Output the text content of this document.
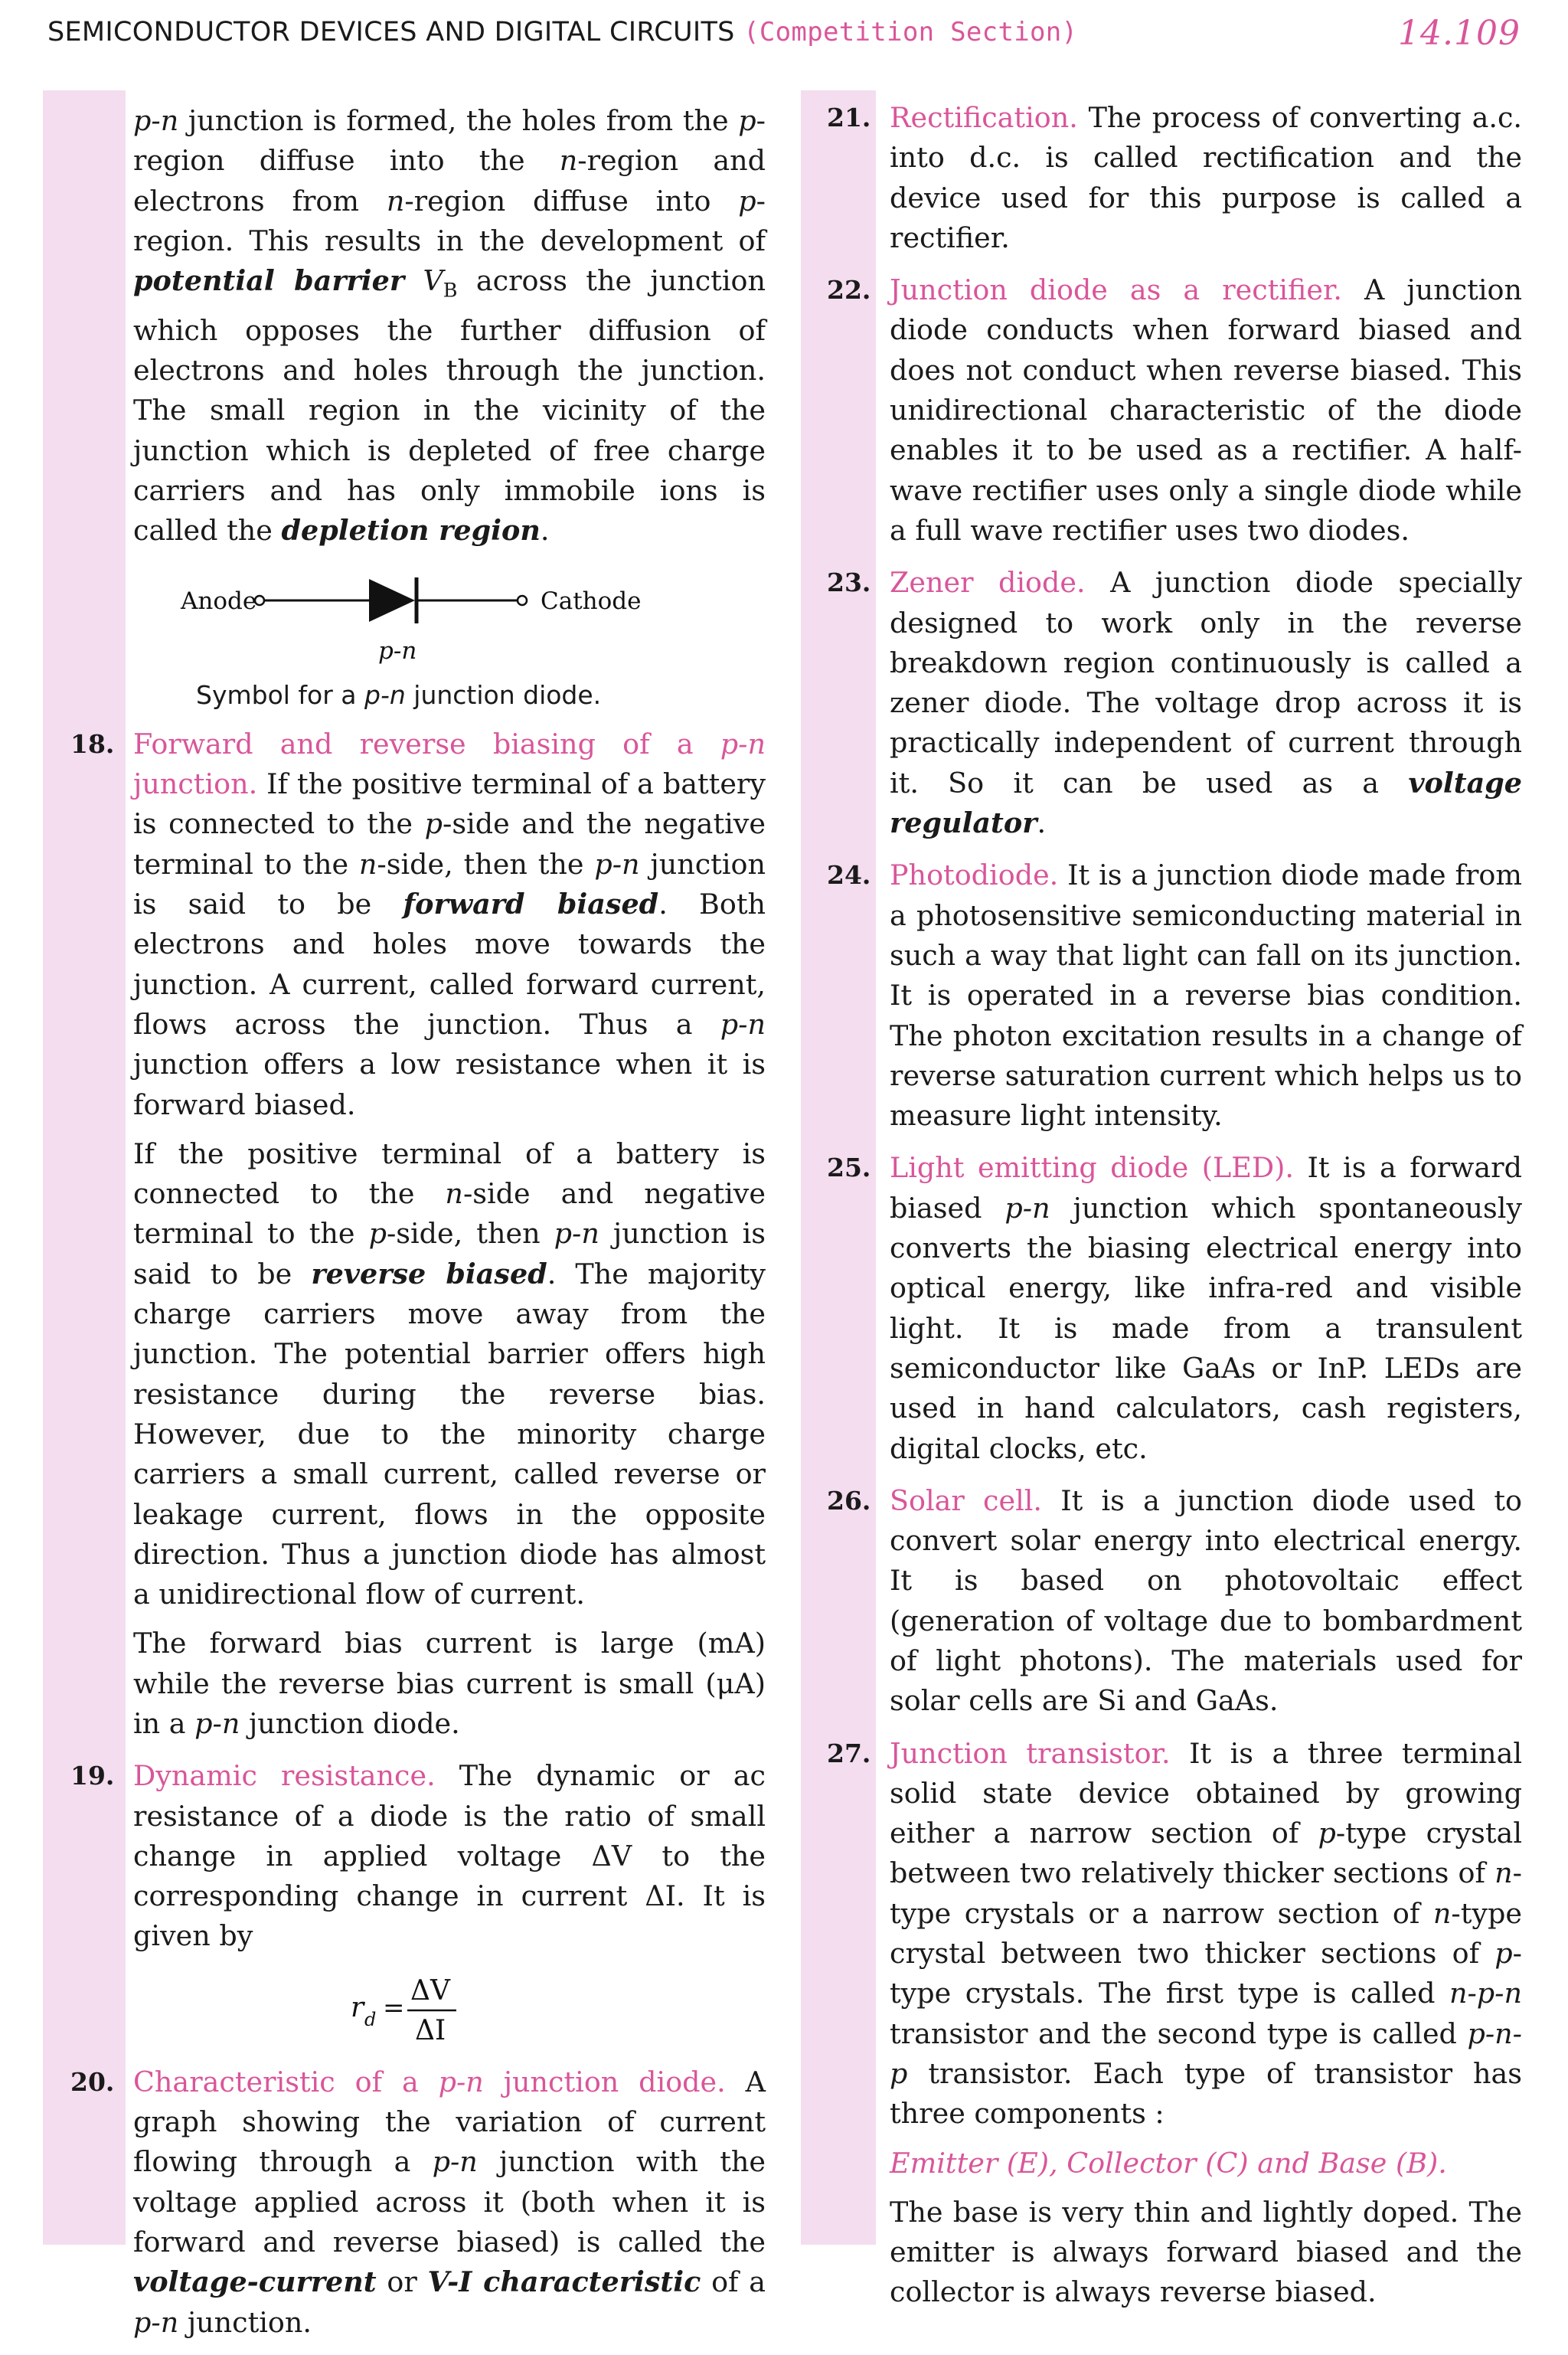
SEMICONDUCTOR DEVICES AND DIGITAL CIRCUITS (Competition Section)	14.109

p-n junction is formed, the holes from the p-region diffuse into the n-region and electrons from n-region diffuse into p-region. This results in the development of potential barrier $V_B$ across the junction which opposes the further diffusion of electrons and holes through the junction. The small region in the vicinity of the junction which is depleted of free charge carriers and has only immobile ions is called the depletion region.

Anode	Cathode
p-n

Symbol for a p-n junction diode.

18. Forward and reverse biasing of a p-n junction. If the positive terminal of a battery is connected to the p-side and the negative terminal to the n-side, then the p-n junction is said to be forward biased. Both electrons and holes move towards the junction. A current, called forward current, flows across the junction. Thus a p-n junction offers a low resistance when it is forward biased.

If the positive terminal of a battery is connected to the n-side and negative terminal to the p-side, then p-n junction is said to be reverse biased. The majority charge carriers move away from the junction. The potential barrier offers high resistance during the reverse bias. However, due to the minority charge carriers a small current, called reverse or leakage current, flows in the opposite direction. Thus a junction diode has almost a unidirectional flow of current.

The forward bias current is large (mA) while the reverse bias current is small (μA) in a p-n junction diode.

19. Dynamic resistance. The dynamic or ac resistance of a diode is the ratio of small change in applied voltage ΔV to the corresponding change in current ΔI. It is given by

r d =
ΔV
ΔI
20. Characteristic of a p-n junction diode. A graph showing the variation of current flowing through a p-n junction with the voltage applied across it (both when it is forward and reverse biased) is called the voltage-current or V-I characteristic of a p-n junction.

21. Rectification. The process of converting a.c. into d.c. is called rectification and the device used for this purpose is called a rectifier.

22. Junction diode as a rectifier. A junction diode conducts when forward biased and does not conduct when reverse biased. This unidirectional characteristic of the diode enables it to be used as a rectifier. A half-wave rectifier uses only a single diode while a full wave rectifier uses two diodes.

23. Zener diode. A junction diode specially designed to work only in the reverse breakdown region continuously is called a zener diode. The voltage drop across it is practically independent of current through it. So it can be used as a voltage regulator.

24. Photodiode. It is a junction diode made from a photosensitive semiconducting material in such a way that light can fall on its junction. It is operated in a reverse bias condition. The photon excitation results in a change of reverse saturation current which helps us to measure light intensity.

25. Light emitting diode (LED). It is a forward biased p-n junction which spontaneously converts the biasing electrical energy into optical energy, like infra-red and visible light. It is made from a transulent semiconductor like GaAs or InP. LEDs are used in hand calculators, cash registers, digital clocks, etc.

26. Solar cell. It is a junction diode used to convert solar energy into electrical energy. It is based on photovoltaic effect (generation of voltage due to bombardment of light photons). The materials used for solar cells are Si and GaAs.

27. Junction transistor. It is a three terminal solid state device obtained by growing either a narrow section of p-type crystal between two relatively thicker sections of n-type crystals or a narrow section of n-type crystal between two thicker sections of p-type crystals. The first type is called n-p-n transistor and the second type is called p-n-p transistor. Each type of transistor has three components :

Emitter (E), Collector (C) and Base (B).

The base is very thin and lightly doped. The emitter is always forward biased and the collector is always reverse biased.
